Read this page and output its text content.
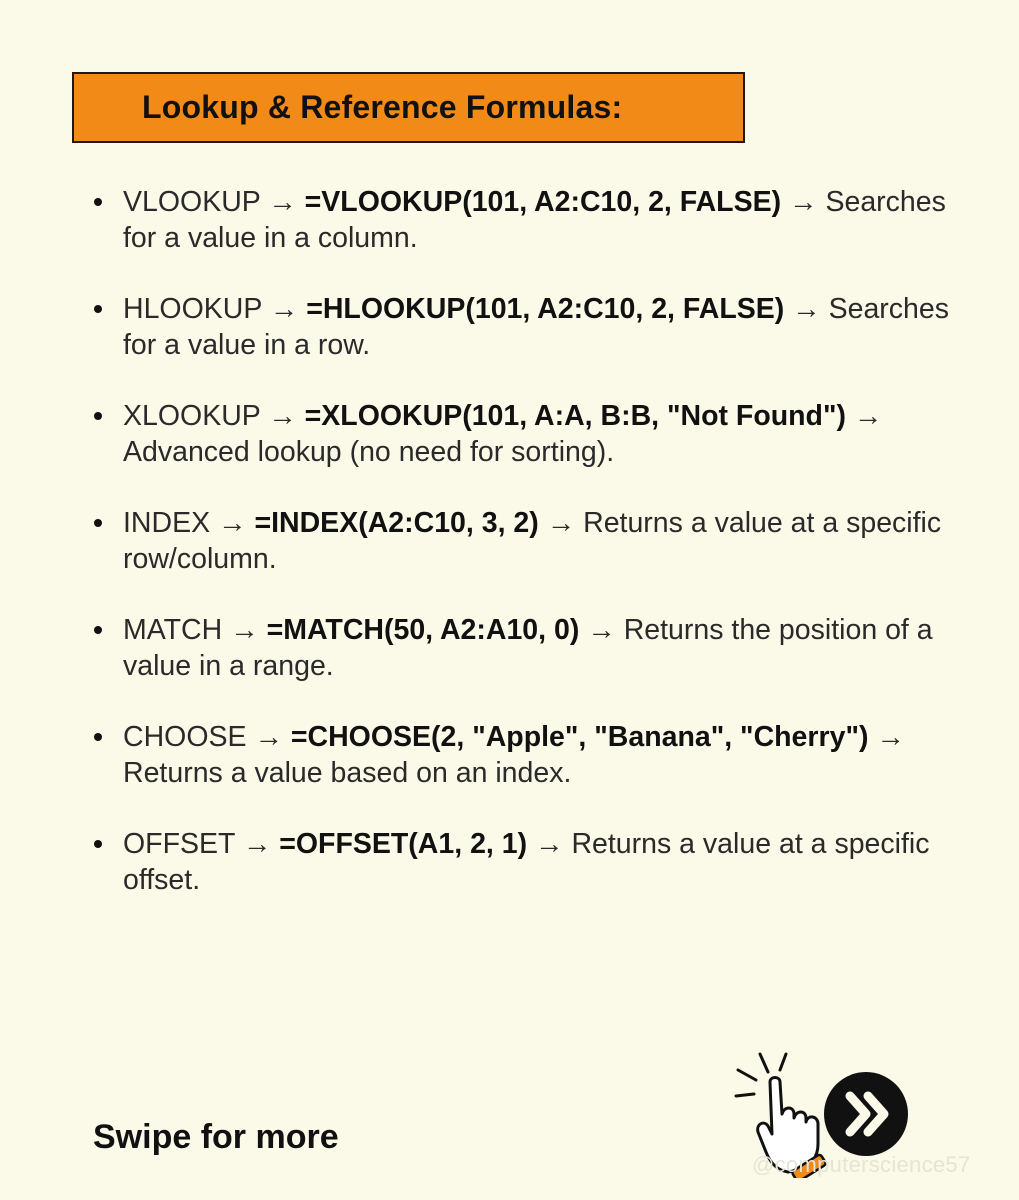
Lookup & Reference Formulas:
VLOOKUP → =VLOOKUP(101, A2:C10, 2, FALSE) → Searches for a value in a column.
HLOOKUP → =HLOOKUP(101, A2:C10, 2, FALSE) → Searches for a value in a row.
XLOOKUP → =XLOOKUP(101, A:A, B:B, "Not Found") → Advanced lookup (no need for sorting).
INDEX → =INDEX(A2:C10, 3, 2) → Returns a value at a specific row/column.
MATCH → =MATCH(50, A2:A10, 0) → Returns the position of a value in a range.
CHOOSE → =CHOOSE(2, "Apple", "Banana", "Cherry") → Returns a value based on an index.
OFFSET → =OFFSET(A1, 2, 1) → Returns a value at a specific offset.

Swipe for more

@computerscience57
